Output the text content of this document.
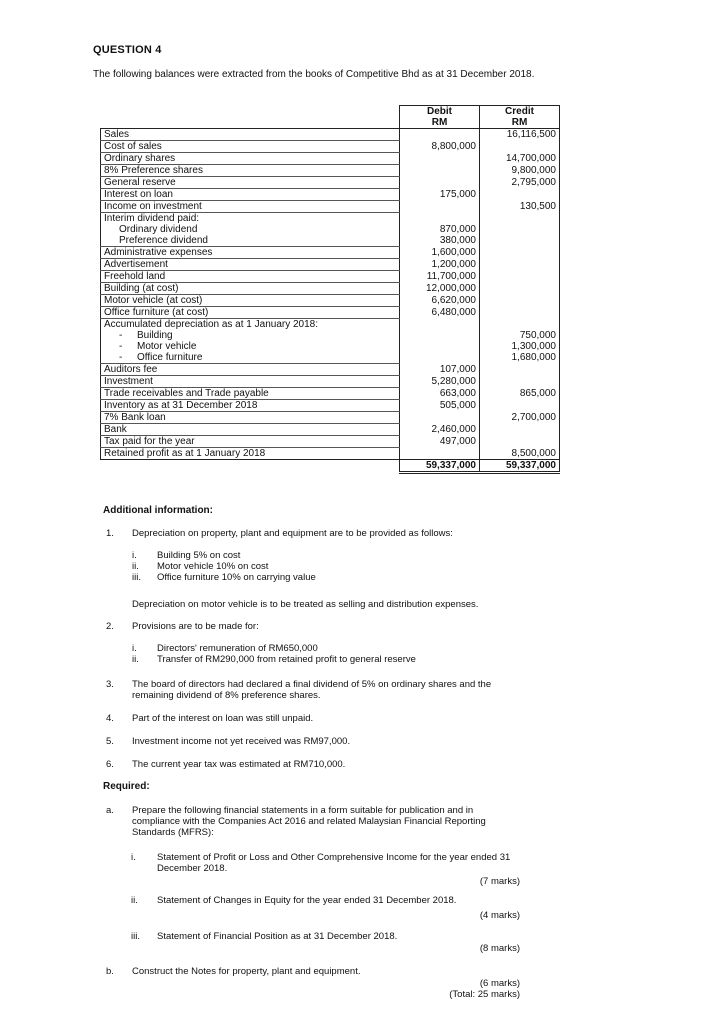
QUESTION 4
The following balances were extracted from the books of Competitive Bhd as at 31 December 2018.
	Debit	Credit
	RM	RM
Sales		16,116,500
Cost of sales	8,800,000	
Ordinary shares		14,700,000
8% Preference shares		9,800,000
General reserve		2,795,000
Interest on loan	175,000	
Income on investment		130,500
Interim dividend paid:		
Ordinary dividend	870,000	
Preference dividend	380,000	
Administrative expenses	1,600,000	
Advertisement	1,200,000	
Freehold land	11,700,000	
Building (at cost)	12,000,000	
Motor vehicle (at cost)	6,620,000	
Office furniture (at cost)	6,480,000	
Accumulated depreciation as at 1 January 2018:		
- Building		750,000
- Motor vehicle		1,300,000
- Office furniture		1,680,000
Auditors fee	107,000	
Investment	5,280,000	
Trade receivables and Trade payable	663,000	865,000
Inventory as at 31 December 2018	505,000	
7% Bank loan		2,700,000
Bank	2,460,000	
Tax paid for the year	497,000	
Retained profit as at 1 January 2018		8,500,000
	59,337,000	59,337,000
Additional information:
1. Depreciation on property, plant and equipment are to be provided as follows:
i.	Building 5% on cost
ii.	Motor vehicle 10% on cost
iii.	Office furniture 10% on carrying value
Depreciation on motor vehicle is to be treated as selling and distribution expenses.
2. Provisions are to be made for:
i.	Directors' remuneration of RM650,000
ii.	Transfer of RM290,000 from retained profit to general reserve
3. The board of directors had declared a final dividend of 5% on ordinary shares and the remaining dividend of 8% preference shares.
4. Part of the interest on loan was still unpaid.
5. Investment income not yet received was RM97,000.
6. The current year tax was estimated at RM710,000.
Required:
a. Prepare the following financial statements in a form suitable for publication and in compliance with the Companies Act 2016 and related Malaysian Financial Reporting Standards (MFRS):
i. Statement of Profit or Loss and Other Comprehensive Income for the year ended 31 December 2018.
(7 marks)
ii. Statement of Changes in Equity for the year ended 31 December 2018.
(4 marks)
iii. Statement of Financial Position as at 31 December 2018.
(8 marks)
b. Construct the Notes for property, plant and equipment.
(6 marks)
(Total: 25 marks)
